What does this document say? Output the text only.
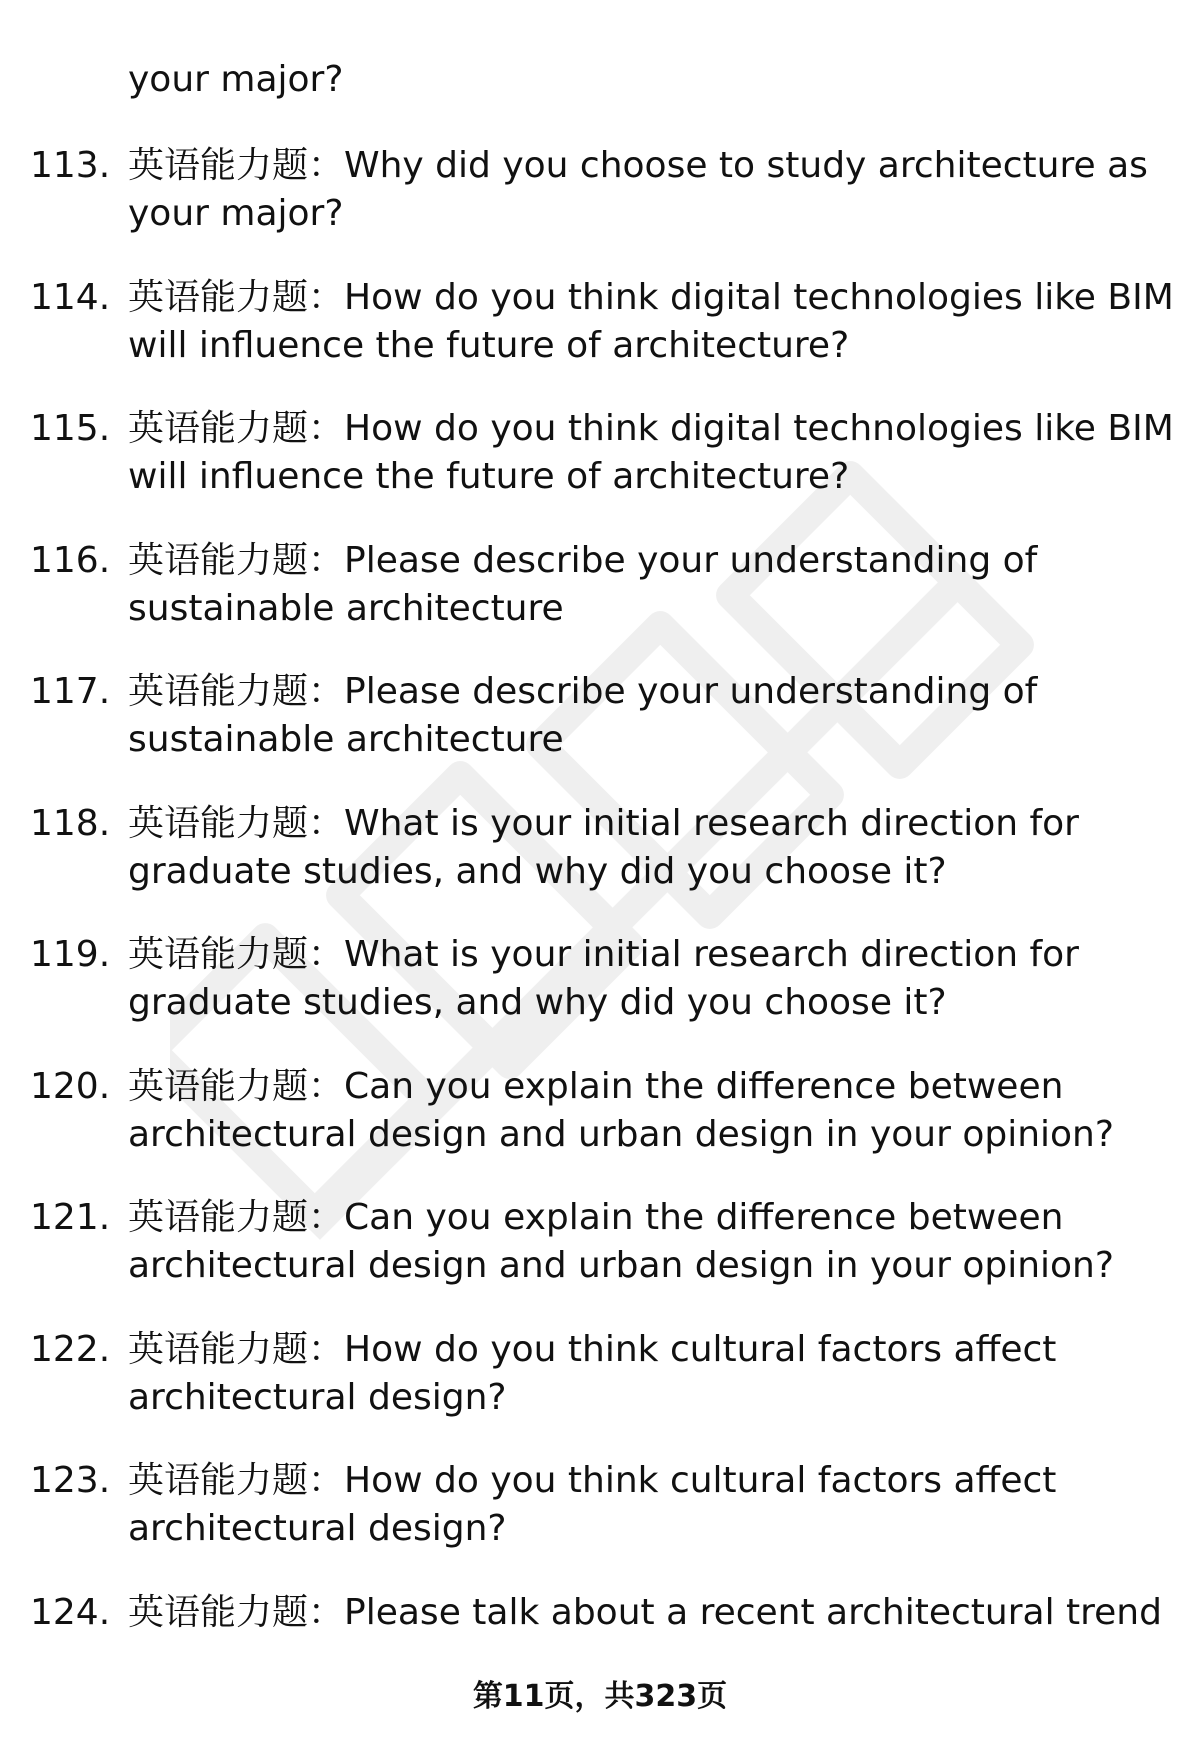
your major?

113. 英语能力题：Why did you choose to study architecture as your major?
114. 英语能力题：How do you think digital technologies like BIM will influence the future of architecture?
115. 英语能力题：How do you think digital technologies like BIM will influence the future of architecture?
116. 英语能力题：Please describe your understanding of sustainable architecture
117. 英语能力题：Please describe your understanding of sustainable architecture
118. 英语能力题：What is your initial research direction for graduate studies, and why did you choose it?
119. 英语能力题：What is your initial research direction for graduate studies, and why did you choose it?
120. 英语能力题：Can you explain the difference between architectural design and urban design in your opinion?
121. 英语能力题：Can you explain the difference between architectural design and urban design in your opinion?
122. 英语能力题：How do you think cultural factors affect architectural design?
123. 英语能力题：How do you think cultural factors affect architectural design?
124. 英语能力题：Please talk about a recent architectural trend
第11页，共323页
